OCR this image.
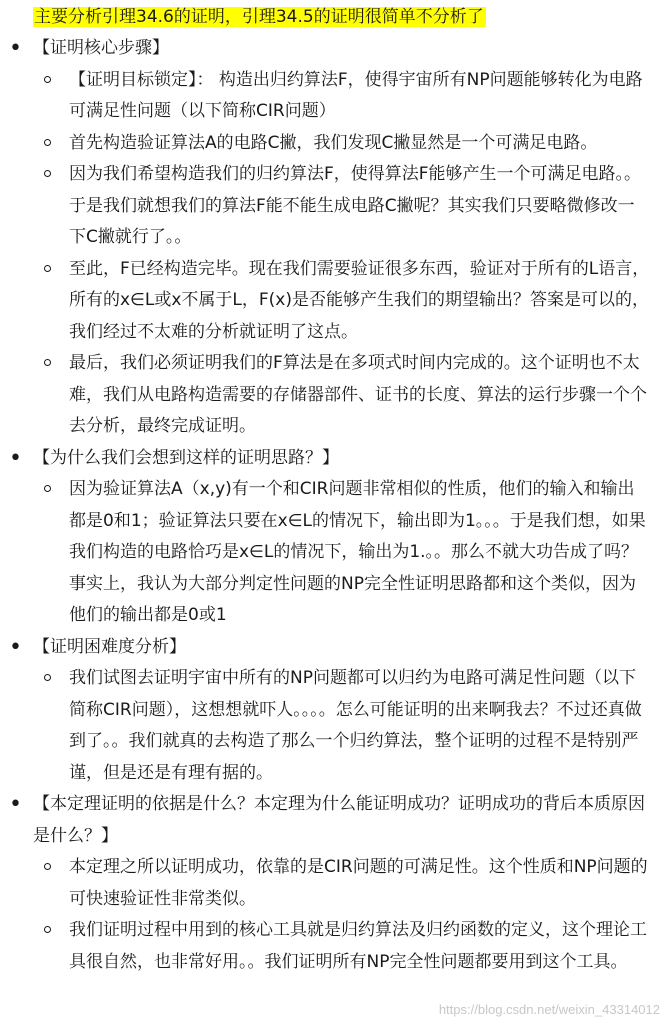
主要分析引理34.6的证明，引理34.5的证明很简单不分析了
• 【证明核心步骤】
【证明目标锁定】： 构造出归约算法F，使得宇宙所有NP问题能够转化为电路可满足性问题（以下简称CIR问题）
首先构造验证算法A的电路C撇，我们发现C撇显然是一个可满足电路。
因为我们希望构造我们的归约算法F，使得算法F能够产生一个可满足电路。。于是我们就想我们的算法F能不能生成电路C撇呢？其实我们只要略微修改一下C撇就行了。。
至此，F已经构造完毕。现在我们需要验证很多东西，验证对于所有的L语言，所有的x∈L或x不属于L，F(x)是否能够产生我们的期望输出？答案是可以的，我们经过不太难的分析就证明了这点。
最后，我们必须证明我们的F算法是在多项式时间内完成的。这个证明也不太难，我们从电路构造需要的存储器部件、证书的长度、算法的运行步骤一个个去分析，最终完成证明。
• 【为什么我们会想到这样的证明思路？】
因为验证算法A（x,y)有一个和CIR问题非常相似的性质，他们的输入和输出都是0和1；验证算法只要在x∈L的情况下，输出即为1。。。于是我们想，如果我们构造的电路恰巧是x∈L的情况下，输出为1.。。那么不就大功告成了吗？事实上，我认为大部分判定性问题的NP完全性证明思路都和这个类似，因为他们的输出都是0或1
• 【证明困难度分析】
我们试图去证明宇宙中所有的NP问题都可以归约为电路可满足性问题（以下简称CIR问题），这想想就吓人。。。。怎么可能证明的出来啊我去？不过还真做到了。。我们就真的去构造了那么一个归约算法，整个证明的过程不是特别严谨，但是还是有理有据的。
• 【本定理证明的依据是什么？本定理为什么能证明成功？证明成功的背后本质原因是什么？】
本定理之所以证明成功，依靠的是CIR问题的可满足性。这个性质和NP问题的可快速验证性非常类似。
我们证明过程中用到的核心工具就是归约算法及归约函数的定义，这个理论工具很自然，也非常好用。。我们证明所有NP完全性问题都要用到这个工具。
https://blog.csdn.net/weixin_43314012
